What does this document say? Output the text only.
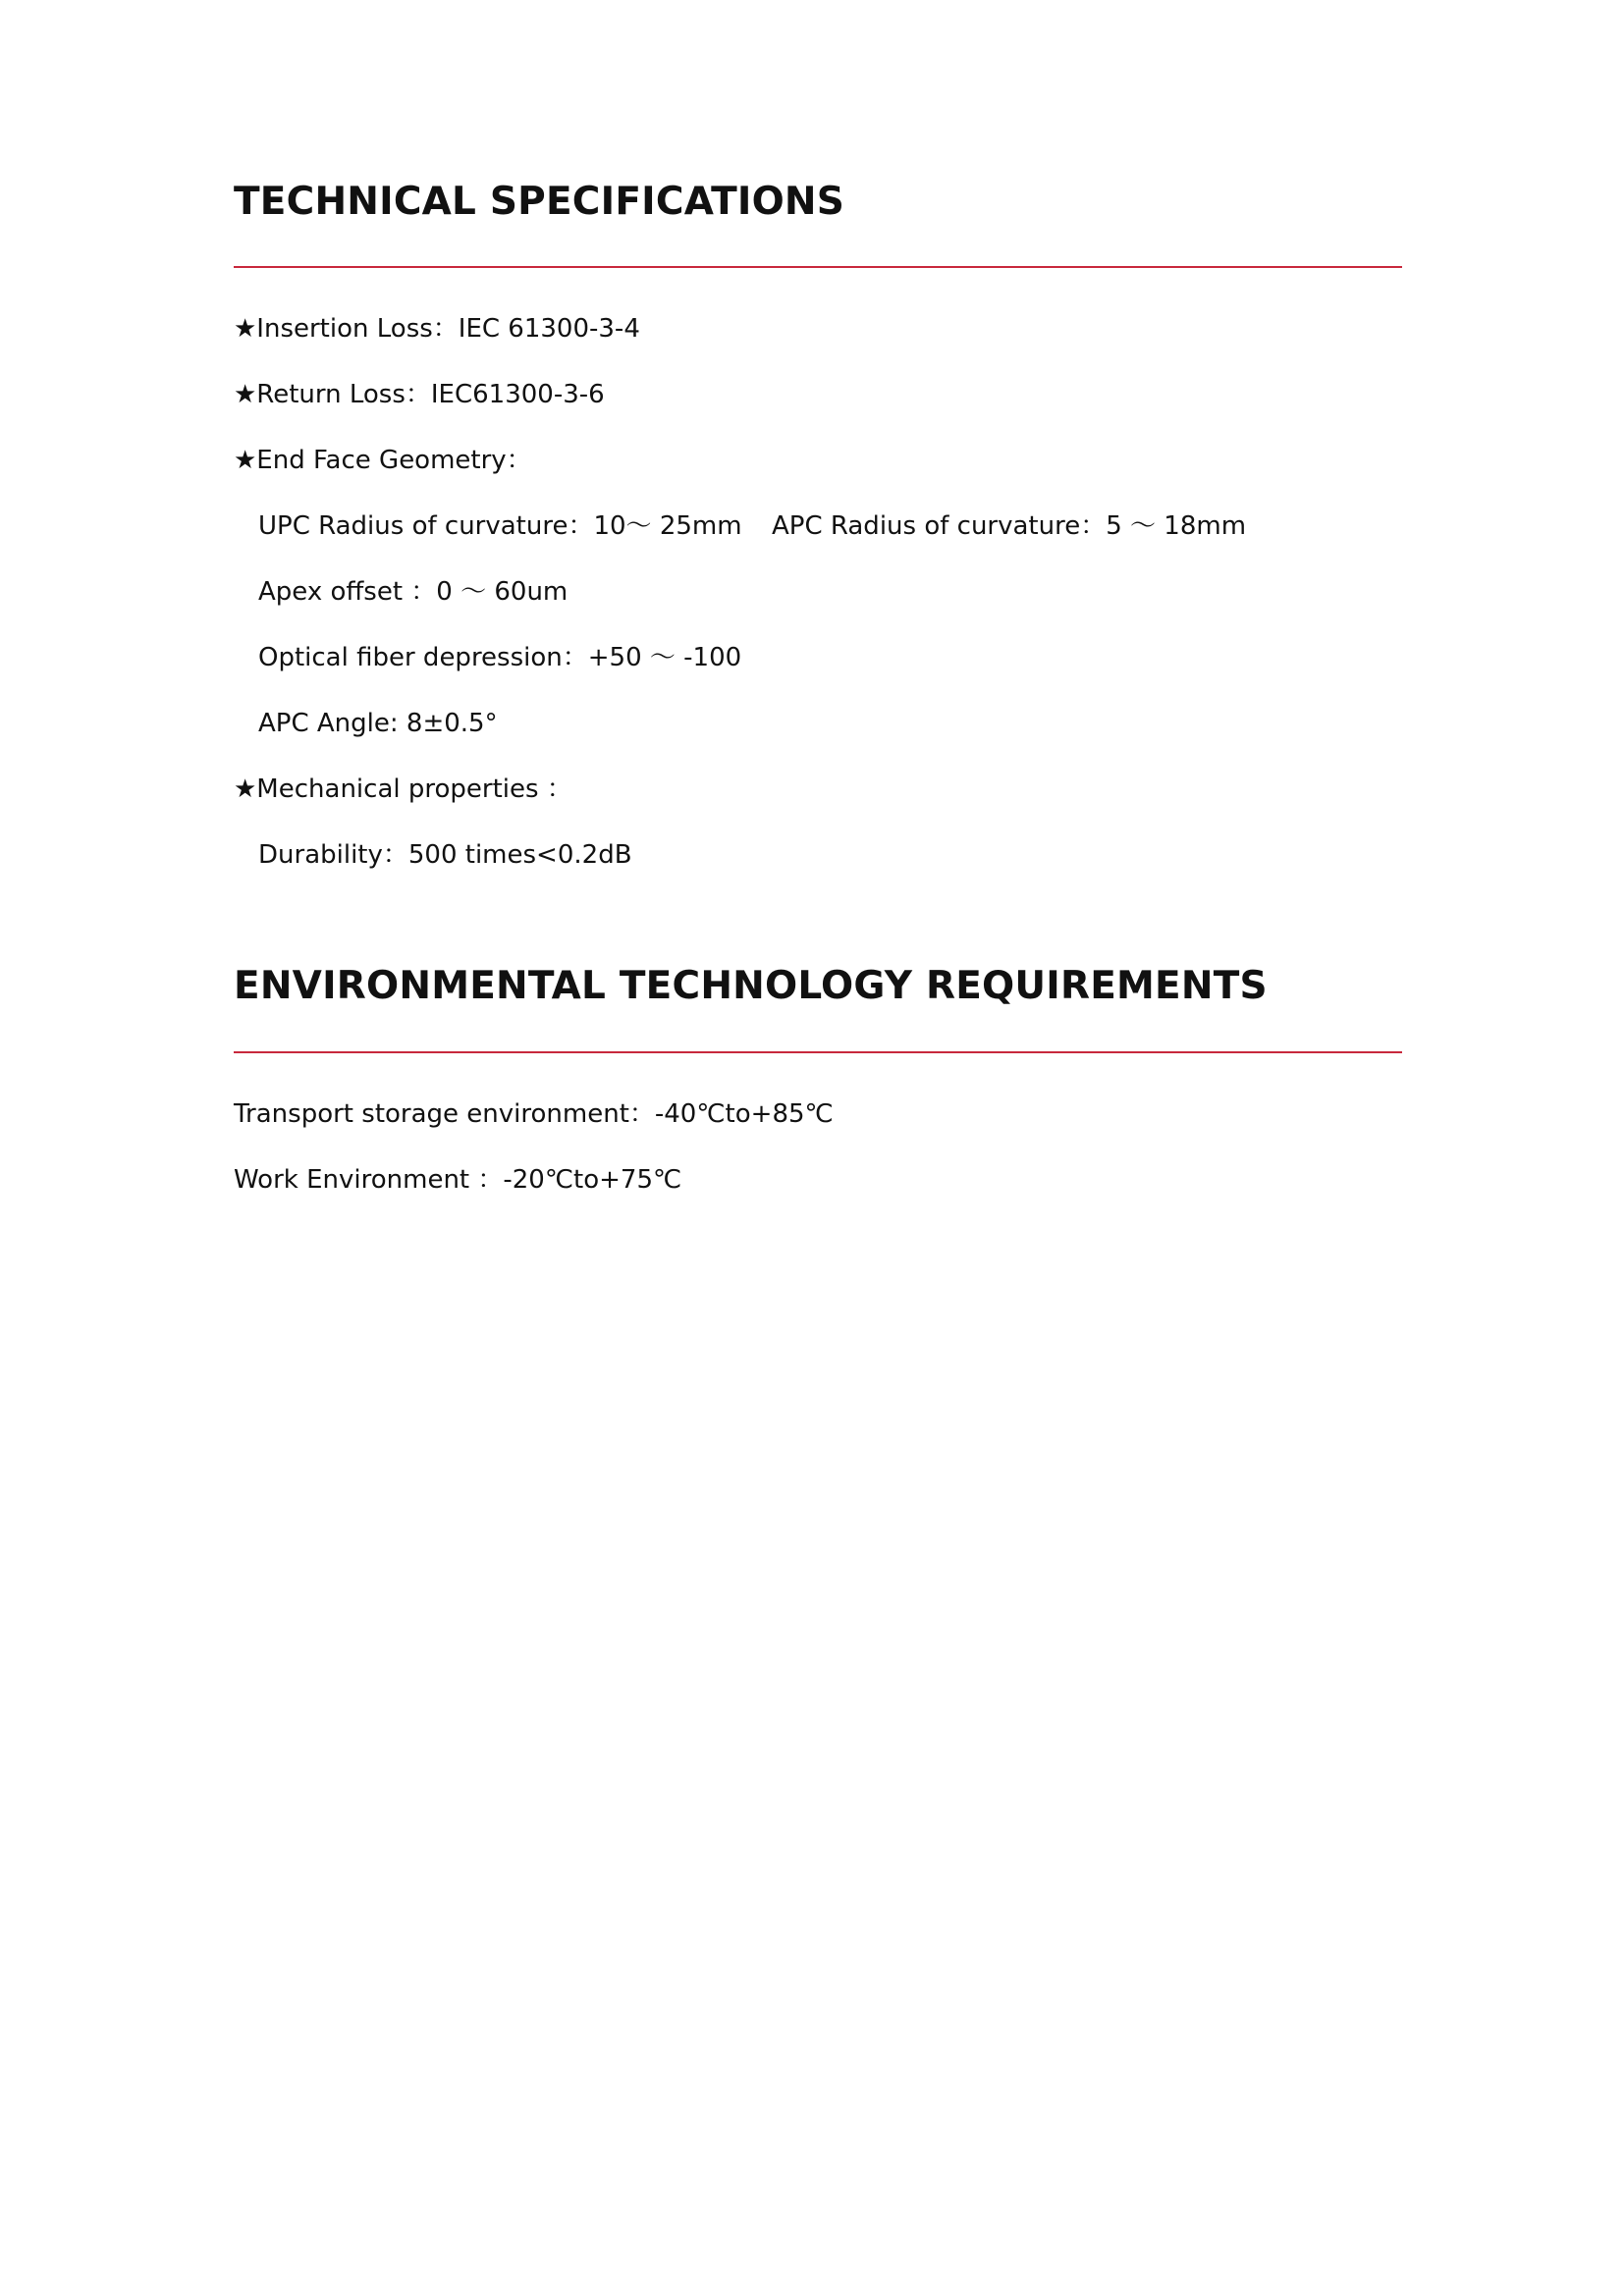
TECHNICAL SPECIFICATIONS
★Insertion Loss：IEC 61300-3-4
★Return Loss：IEC61300-3-6
★End Face Geometry：
UPC Radius of curvature：10～ 25mm APC Radius of curvature：5 ～ 18mm
Apex offset ：0 ～ 60um
Optical fiber depression：+50 ～ -100
APC Angle: 8±0.5°
★Mechanical properties ：
Durability：500 times<0.2dB
ENVIRONMENTAL TECHNOLOGY REQUIREMENTS
Transport storage environment：-40℃to+85℃
Work Environment ：-20℃to+75℃
